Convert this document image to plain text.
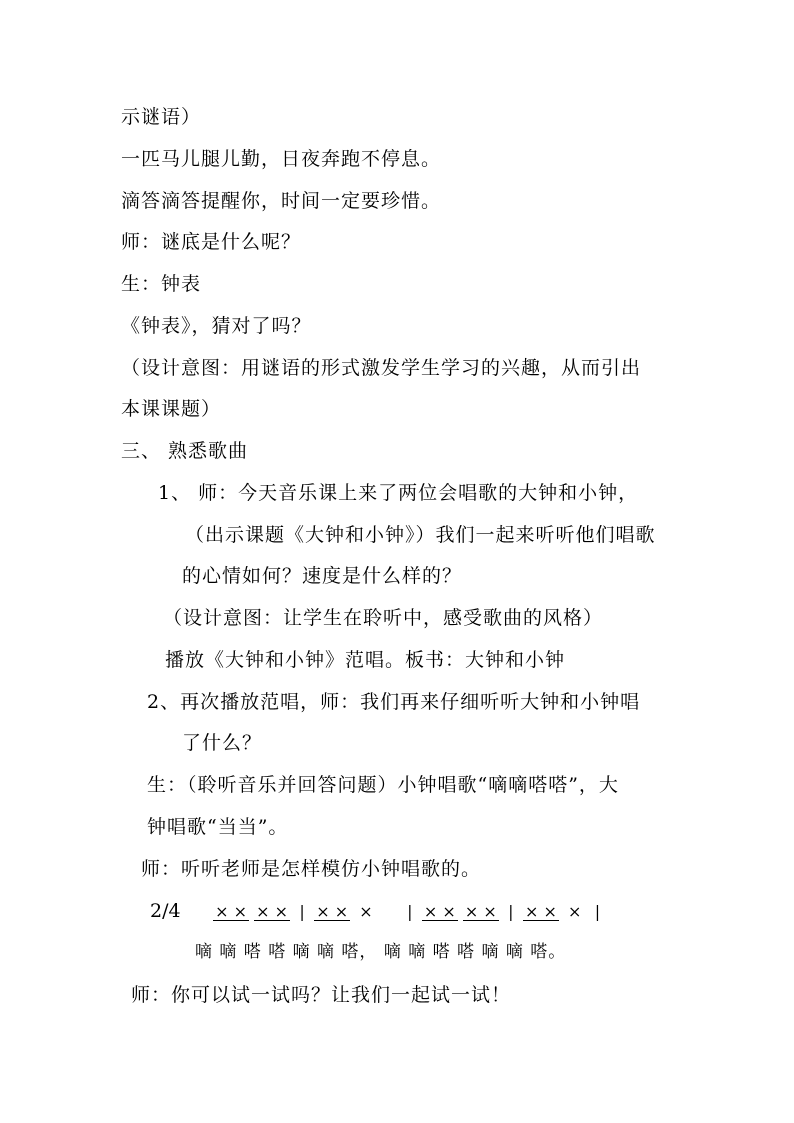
示谜语）
一匹马儿腿儿勤，日夜奔跑不停息。
滴答滴答提醒你，时间一定要珍惜。
师：谜底是什么呢？
生：钟表
《钟表》，猜对了吗？
（设计意图：用谜语的形式激发学生学习的兴趣，从而引出
本课课题）
三、 熟悉歌曲
1、 师：今天音乐课上来了两位会唱歌的大钟和小钟，
（出示课题《大钟和小钟》）我们一起来听听他们唱歌
的心情如何？速度是什么样的？
（设计意图：让学生在聆听中，感受歌曲的风格）
播放《大钟和小钟》范唱。板书：大钟和小钟
2、再次播放范唱，师：我们再来仔细听听大钟和小钟唱
了什么？
生：（聆听音乐并回答问题）小钟唱歌“嘀嘀嗒嗒”，大
钟唱歌“当当”。
师：听听老师是怎样模仿小钟唱歌的。
2/4 × × × × | × × × | × × × × | × × × |
嘀 嘀 嗒 嗒 嘀 嘀 嗒， 嘀 嘀 嗒 嗒 嘀 嘀 嗒。
师：你可以试一试吗？让我们一起试一试！
